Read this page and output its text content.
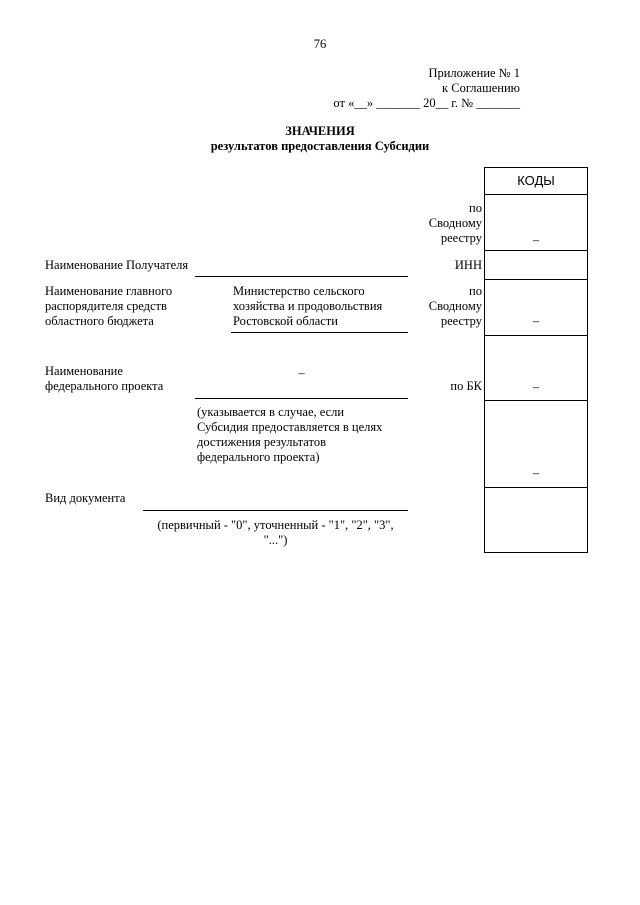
76
Приложение № 1
к Соглашению
от «__» _______ 20__ г. № _______
ЗНАЧЕНИЯ
результатов предоставления Субсидии
КОДЫ
–
–
–
–
по
Сводному
реестру
Наименование Получателя	ИНН
Наименование главного
распорядителя средств
областного бюджета
Министерство сельского
хозяйства и продовольствия
Ростовской области
по
Сводному
реестру
Наименование
федерального проекта
–
по БК
(указывается в случае, если
Субсидия предоставляется в целях
достижения результатов
федерального проекта)
Вид документа
(первичный - "0", уточненный - "1", "2", "3",
"...")
